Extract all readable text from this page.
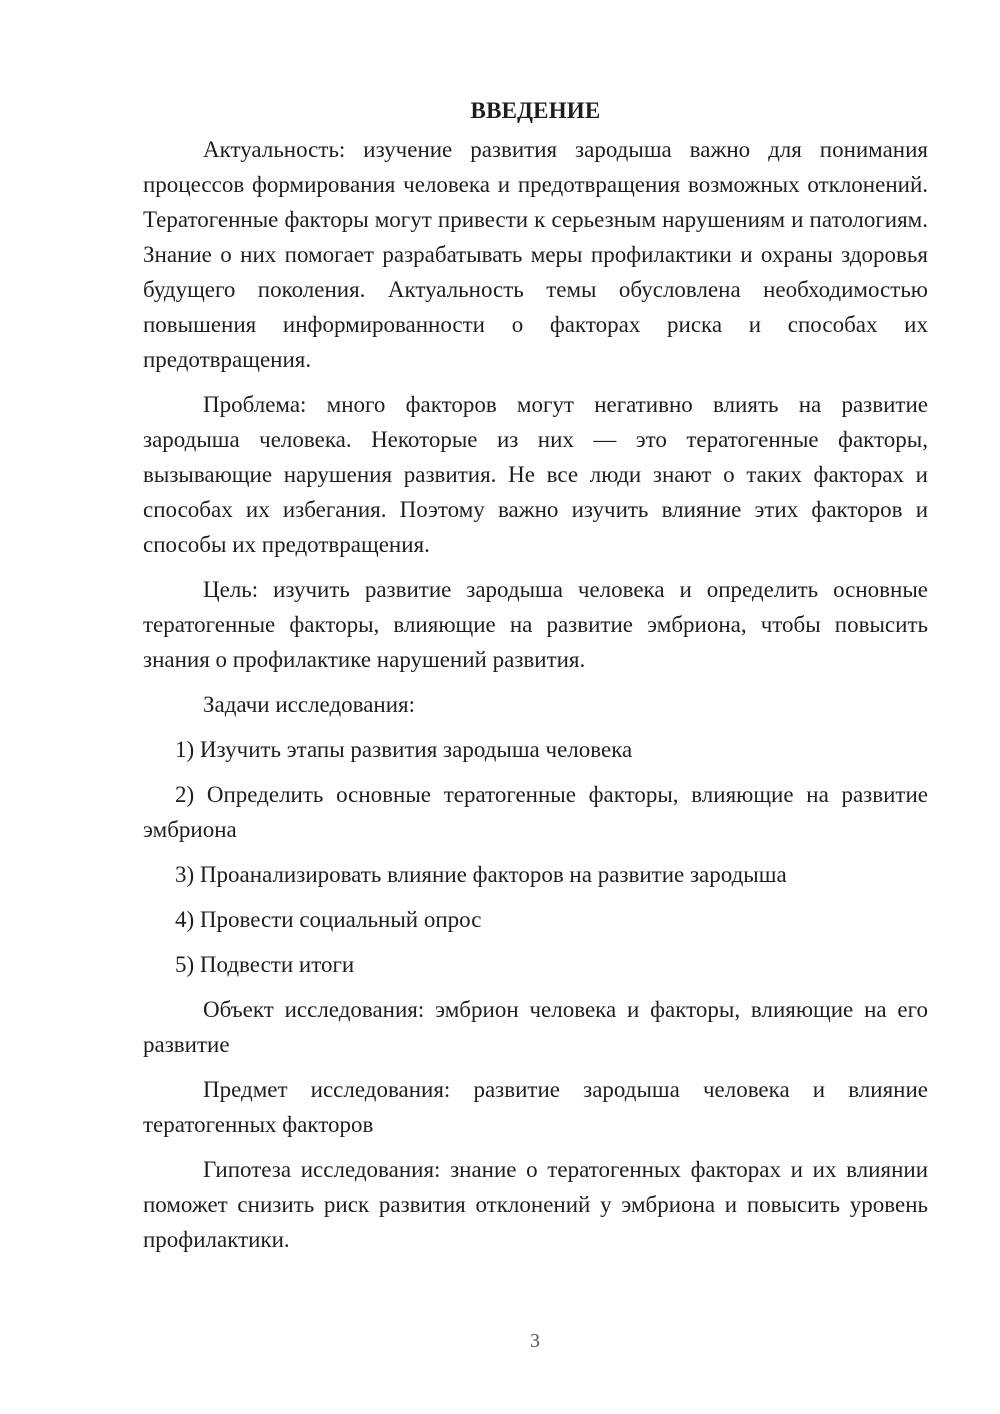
ВВЕДЕНИЕ

Актуальность: изучение развития зародыша важно для понимания процессов формирования человека и предотвращения возможных отклонений. Тератогенные факторы могут привести к серьезным нарушениям и патологиям. Знание о них помогает разрабатывать меры профилактики и охраны здоровья будущего поколения. Актуальность темы обусловлена необходимостью повышения информированности о факторах риска и способах их предотвращения.

Проблема: много факторов могут негативно влиять на развитие зародыша человека. Некоторые из них — это тератогенные факторы, вызывающие нарушения развития. Не все люди знают о таких факторах и способах их избегания. Поэтому важно изучить влияние этих факторов и способы их предотвращения.

Цель: изучить развитие зародыша человека и определить основные тератогенные факторы, влияющие на развитие эмбриона, чтобы повысить знания о профилактике нарушений развития.

Задачи исследования:

1) Изучить этапы развития зародыша человека

2) Определить основные тератогенные факторы, влияющие на развитие эмбриона

3) Проанализировать влияние факторов на развитие зародыша

4) Провести социальный опрос

5) Подвести итоги

Объект исследования: эмбрион человека и факторы, влияющие на его развитие

Предмет исследования: развитие зародыша человека и влияние тератогенных факторов

Гипотеза исследования: знание о тератогенных факторах и их влиянии поможет снизить риск развития отклонений у эмбриона и повысить уровень профилактики.

3
